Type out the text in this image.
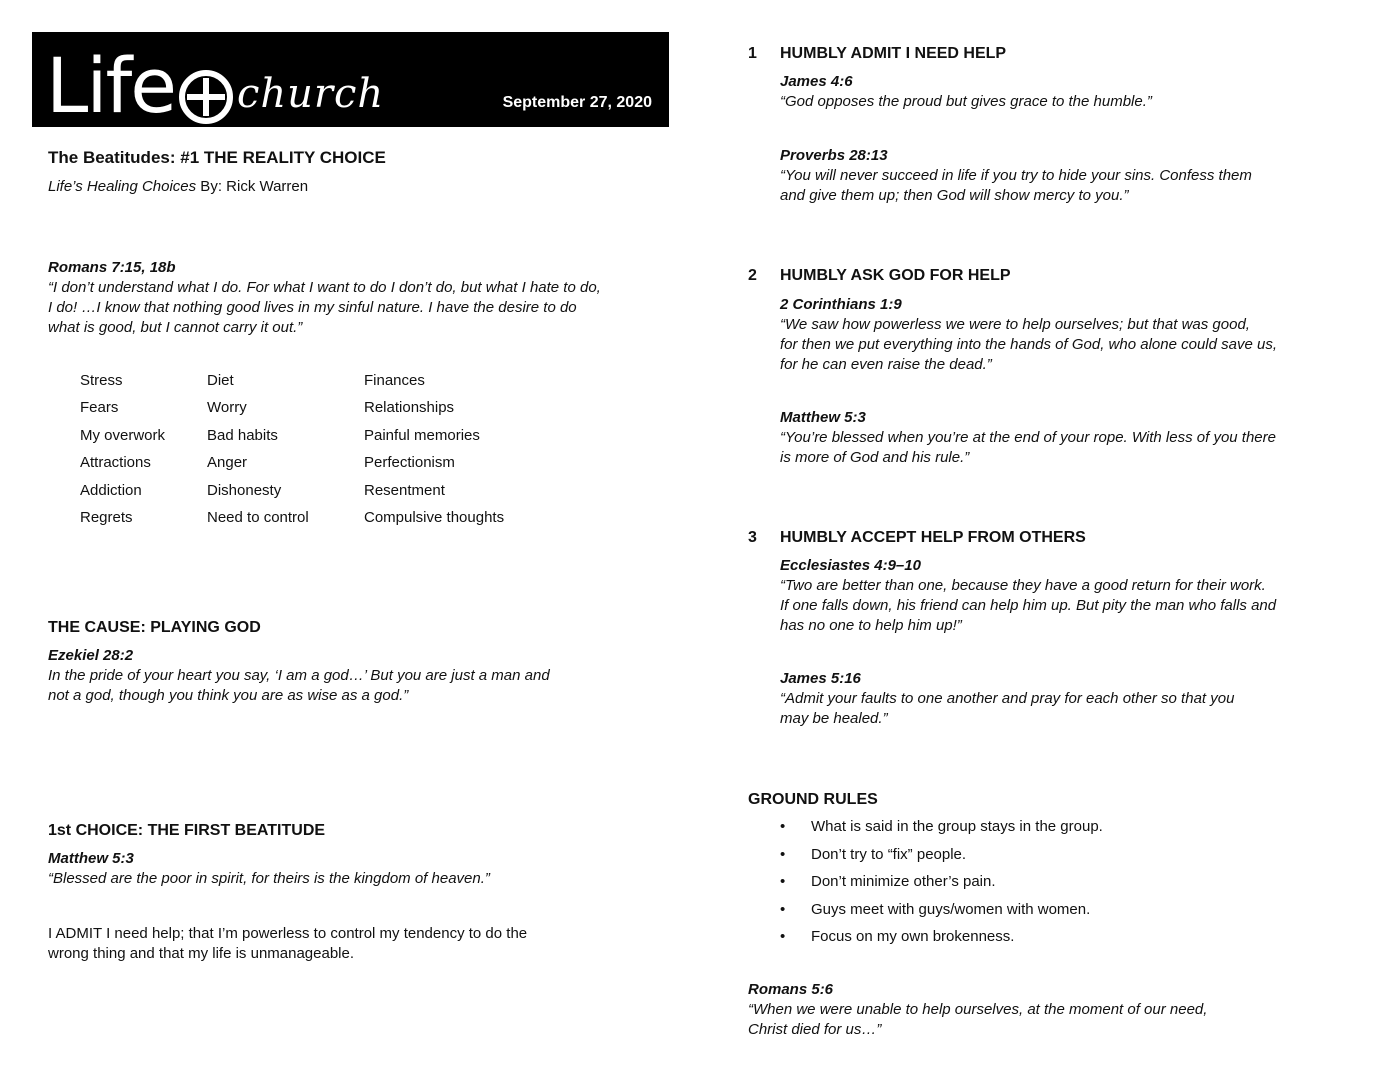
Life church	September 27, 2020
The Beatitudes: #1 THE REALITY CHOICE
Life’s Healing Choices By: Rick Warren
Romans 7:15, 18b
“I don’t understand what I do. For what I want to do I don’t do, but what I hate to do,
I do! …I know that nothing good lives in my sinful nature. I have the desire to do
what is good, but I cannot carry it out.”
Stress
Fears
My overwork
Attractions
Addiction
Regrets
Diet
Worry
Bad habits
Anger
Dishonesty
Need to control
Finances
Relationships
Painful memories
Perfectionism
Resentment
Compulsive thoughts
THE CAUSE: PLAYING GOD
Ezekiel 28:2
In the pride of your heart you say, ‘I am a god…’ But you are just a man and
not a god, though you think you are as wise as a god.”
1st CHOICE: THE FIRST BEATITUDE
Matthew 5:3
“Blessed are the poor in spirit, for theirs is the kingdom of heaven.”
I ADMIT I need help; that I’m powerless to control my tendency to do the
wrong thing and that my life is unmanageable.
1 HUMBLY ADMIT I NEED HELP
James 4:6
“God opposes the proud but gives grace to the humble.”
Proverbs 28:13
“You will never succeed in life if you try to hide your sins. Confess them
and give them up; then God will show mercy to you.”
2 HUMBLY ASK GOD FOR HELP
2 Corinthians 1:9
“We saw how powerless we were to help ourselves; but that was good,
for then we put everything into the hands of God, who alone could save us,
for he can even raise the dead.”
Matthew 5:3
“You’re blessed when you’re at the end of your rope. With less of you there
is more of God and his rule.”
3 HUMBLY ACCEPT HELP FROM OTHERS
Ecclesiastes 4:9–10
“Two are better than one, because they have a good return for their work.
If one falls down, his friend can help him up. But pity the man who falls and
has no one to help him up!”
James 5:16
“Admit your faults to one another and pray for each other so that you
may be healed.”
GROUND RULES
• What is said in the group stays in the group.
• Don’t try to “fix” people.
• Don’t minimize other’s pain.
• Guys meet with guys/women with women.
• Focus on my own brokenness.
Romans 5:6
“When we were unable to help ourselves, at the moment of our need,
Christ died for us…”
